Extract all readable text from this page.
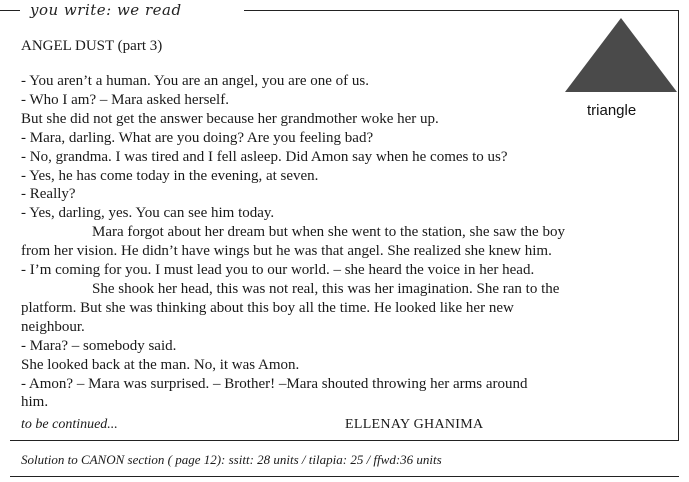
you write: we read
ANGEL DUST (part 3)
triangle
- You aren’t a human. You are an angel, you are one of us.
- Who I am? – Mara asked herself.
But she did not get the answer because her grandmother woke her up.
- Mara, darling. What are you doing? Are you feeling bad?
- No, grandma. I was tired and I fell asleep. Did Amon say when he comes to us?
- Yes, he has come today in the evening, at seven.
- Really?
- Yes, darling, yes. You can see him today.
Mara forgot about her dream but when she went to the station, she saw the boy
from her vision. He didn’t have wings but he was that angel. She realized she knew him.
- I’m coming for you. I must lead you to our world. – she heard the voice in her head.
She shook her head, this was not real, this was her imagination. She ran to the
platform. But she was thinking about this boy all the time. He looked like her new
neighbour.
- Mara? – somebody said.
She looked back at the man. No, it was Amon.
- Amon? – Mara was surprised. – Brother! –Mara shouted throwing her arms around
him.
to be continued...	ELLENAY GHANIMA
Solution to CANON section ( page 12): ssitt: 28 units / tilapia: 25 / ffwd:36 units
